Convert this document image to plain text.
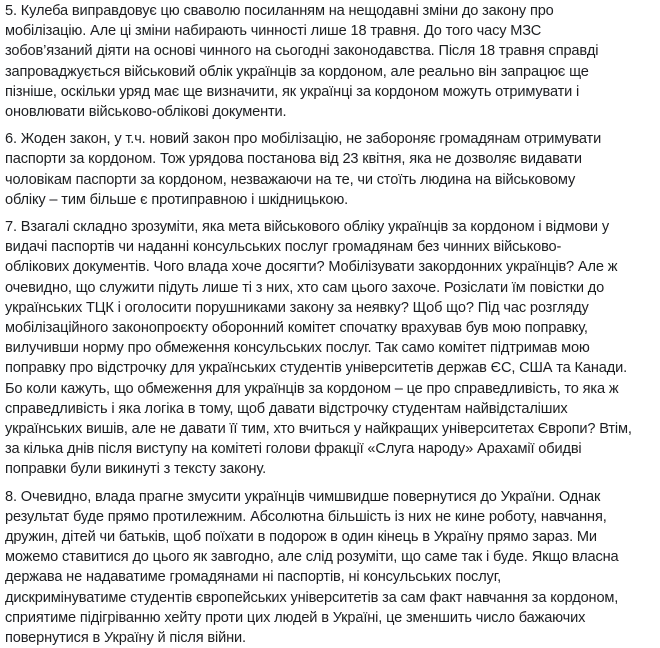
5. Кулеба виправдовує цю сваволю посиланням на нещодавні зміни до закону про
мобілізацію. Але ці зміни набирають чинності лише 18 травня. До того часу МЗС
зобов’язаний діяти на основі чинного на сьогодні законодавства. Після 18 травня справді
запроваджується військовий облік українців за кордоном, але реально він запрацює ще
пізніше, оскільки уряд має ще визначити, як українці за кордоном можуть отримувати і
оновлювати військово-облікові документи.

6. Жоден закон, у т.ч. новий закон про мобілізацію, не забороняє громадянам отримувати
паспорти за кордоном. Тож урядова постанова від 23 квітня, яка не дозволяє видавати
чоловікам паспорти за кордоном, незважаючи на те, чи стоїть людина на військовому
обліку – тим більше є протиправною і шкідницькою.

7. Взагалі складно зрозуміти, яка мета військового обліку українців за кордоном і відмови у
видачі паспортів чи наданні консульських послуг громадянам без чинних військово-
облікових документів. Чого влада хоче досягти? Мобілізувати закордонних українців? Але ж
очевидно, що служити підуть лише ті з них, хто сам цього захоче. Розіслати їм повістки до
українських ТЦК і оголосити порушниками закону за неявку? Щоб що? Під час розгляду
мобілізаційного законопроєкту оборонний комітет спочатку врахував був мою поправку,
вилучивши норму про обмеження консульських послуг. Так само комітет підтримав мою
поправку про відстрочку для українських студентів університетів держав ЄС, США та Канади.
Бо коли кажуть, що обмеження для українців за кордоном – це про справедливість, то яка ж
справедливість і яка логіка в тому, щоб давати відстрочку студентам найвідсталіших
українських вишів, але не давати її тим, хто вчиться у найкращих університетах Європи? Втім,
за кілька днів після виступу на комітеті голови фракції «Слуга народу» Арахамії обидві
поправки були викинуті з тексту закону.

8. Очевидно, влада прагне змусити українців чимшвидше повернутися до України. Однак
результат буде прямо протилежним. Абсолютна більшість із них не кине роботу, навчання,
дружин, дітей чи батьків, щоб поїхати в подорож в один кінець в Україну прямо зараз. Ми
можемо ставитися до цього як завгодно, але слід розуміти, що саме так і буде. Якщо власна
держава не надаватиме громадянами ні паспортів, ні консульських послуг,
дискримінуватиме студентів європейських університетів за сам факт навчання за кордоном,
сприятиме підігріванню хейту проти цих людей в Україні, це зменшить число бажаючих
повернутися в Україну й після війни.
